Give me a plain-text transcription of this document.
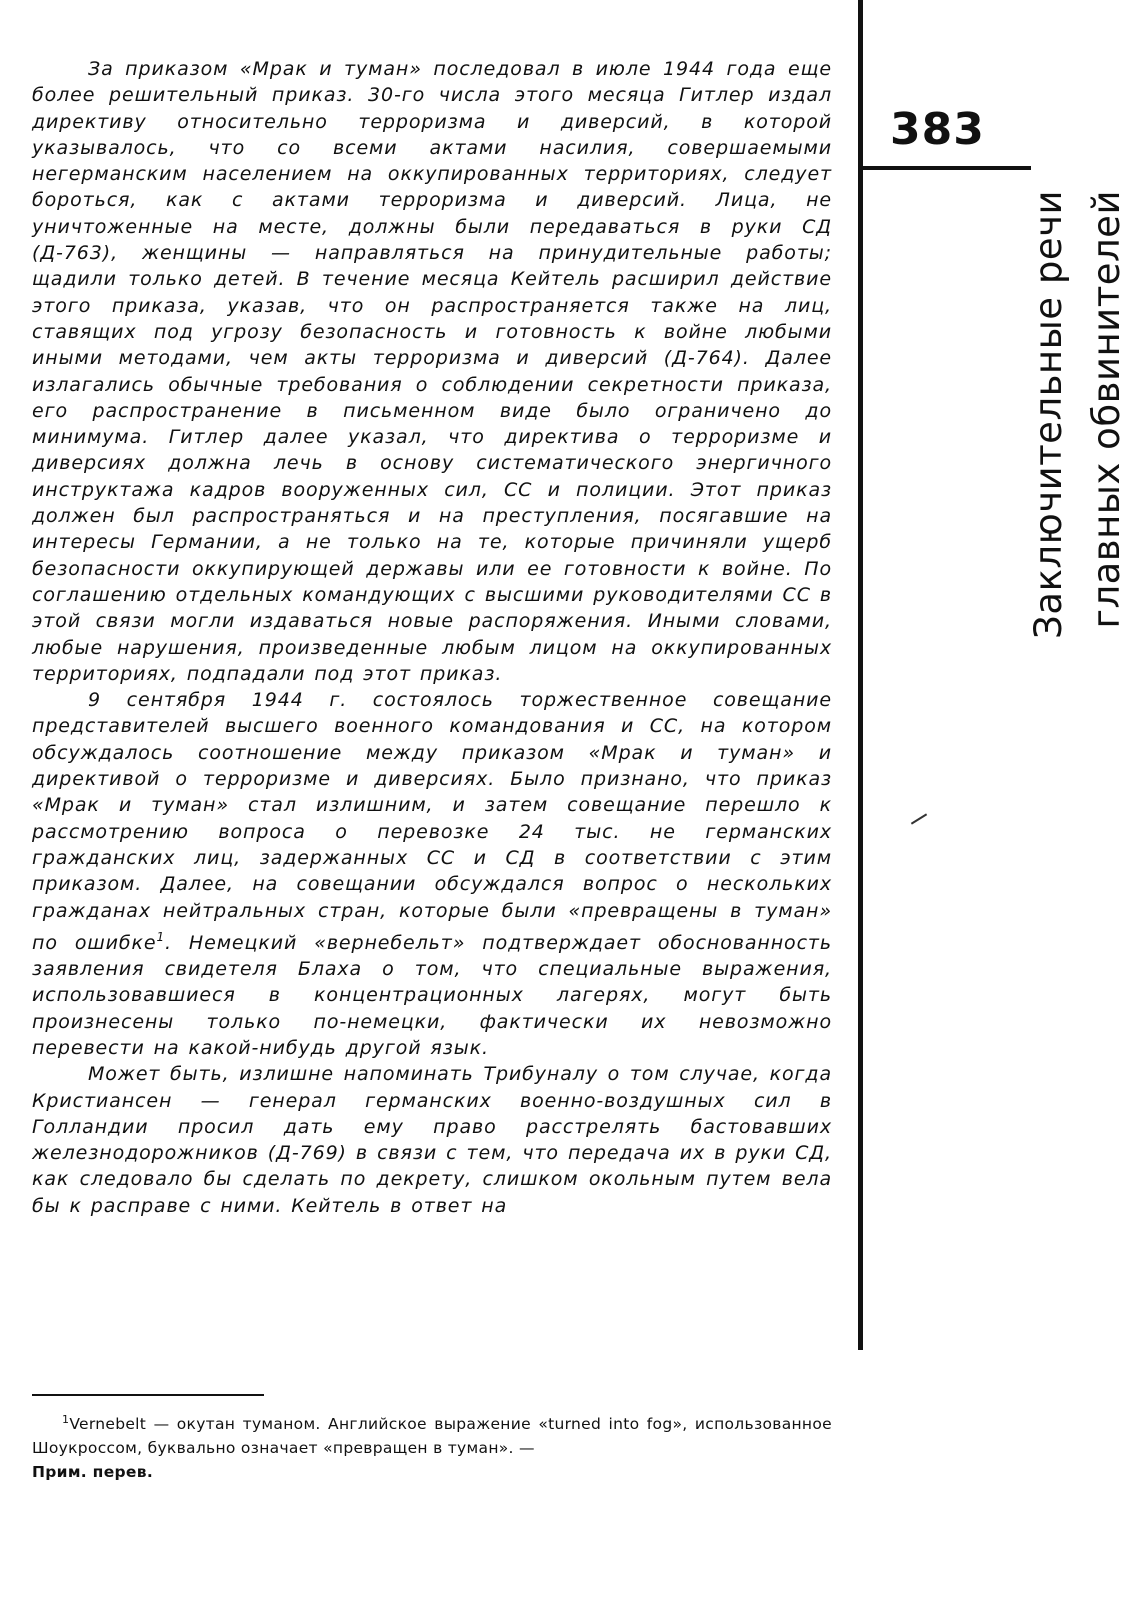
За приказом «Мрак и туман» последовал в июле 1944 года еще более решительный приказ. 30-го числа этого месяца Гитлер издал директиву относительно терроризма и диверсий, в которой указывалось, что со всеми актами насилия, совершаемыми негерманским населением на оккупированных территориях, следует бороться, как с актами терроризма и диверсий. Лица, не уничтоженные на месте, должны были передаваться в руки СД (Д-763), женщины — направляться на принудительные работы; щадили только детей. В течение месяца Кейтель расширил действие этого приказа, указав, что он распространяется также на лиц, ставящих под угрозу безопасность и готовность к войне любыми иными методами, чем акты терроризма и диверсий (Д-764). Далее излагались обычные требования о соблюдении секретности приказа, его распространение в письменном виде было ограничено до минимума. Гитлер далее указал, что директива о терроризме и диверсиях должна лечь в основу систематического энергичного инструктажа кадров вооруженных сил, СС и полиции. Этот приказ должен был распространяться и на преступления, посягавшие на интересы Германии, а не только на те, которые причиняли ущерб безопасности оккупирующей державы или ее готовности к войне. По соглашению отдельных командующих с высшими руководителями СС в этой связи могли издаваться новые распоряжения. Иными словами, любые нарушения, произведенные любым лицом на оккупированных территориях, подпадали под этот приказ.

9 сентября 1944 г. состоялось торжественное совещание представителей высшего военного командования и СС, на котором обсуждалось соотношение между приказом «Мрак и туман» и директивой о терроризме и диверсиях. Было признано, что приказ «Мрак и туман» стал излишним, и затем совещание перешло к рассмотрению вопроса о перевозке 24 тыс. не германских гражданских лиц, задержанных СС и СД в соответствии с этим приказом. Далее, на совещании обсуждался вопрос о нескольких гражданах нейтральных стран, которые были «превращены в туман» по ошибке$^1$. Немецкий «вернебельт» подтверждает обоснованность заявления свидетеля Блаха о том, что специальные выражения, использовавшиеся в концентрационных лагерях, могут быть произнесены только по-немецки, фактически их невозможно перевести на какой-нибудь другой язык.

Может быть, излишне напоминать Трибуналу о том случае, когда Кристиансен — генерал германских военно-воздушных сил в Голландии просил дать ему право расстрелять бастовавших железнодорожников (Д-769) в связи с тем, что передача их в руки СД, как следовало бы сделать по декрету, слишком окольным путем вела бы к расправе с ними. Кейтель в ответ на

383
Заключительные речи главных обвинителей

$^1$Vernebelt — окутан туманом. Английское выражение «turned into fog», использованное Шоукроссом, буквально означает «превращен в туман». —
Прим. перев.
